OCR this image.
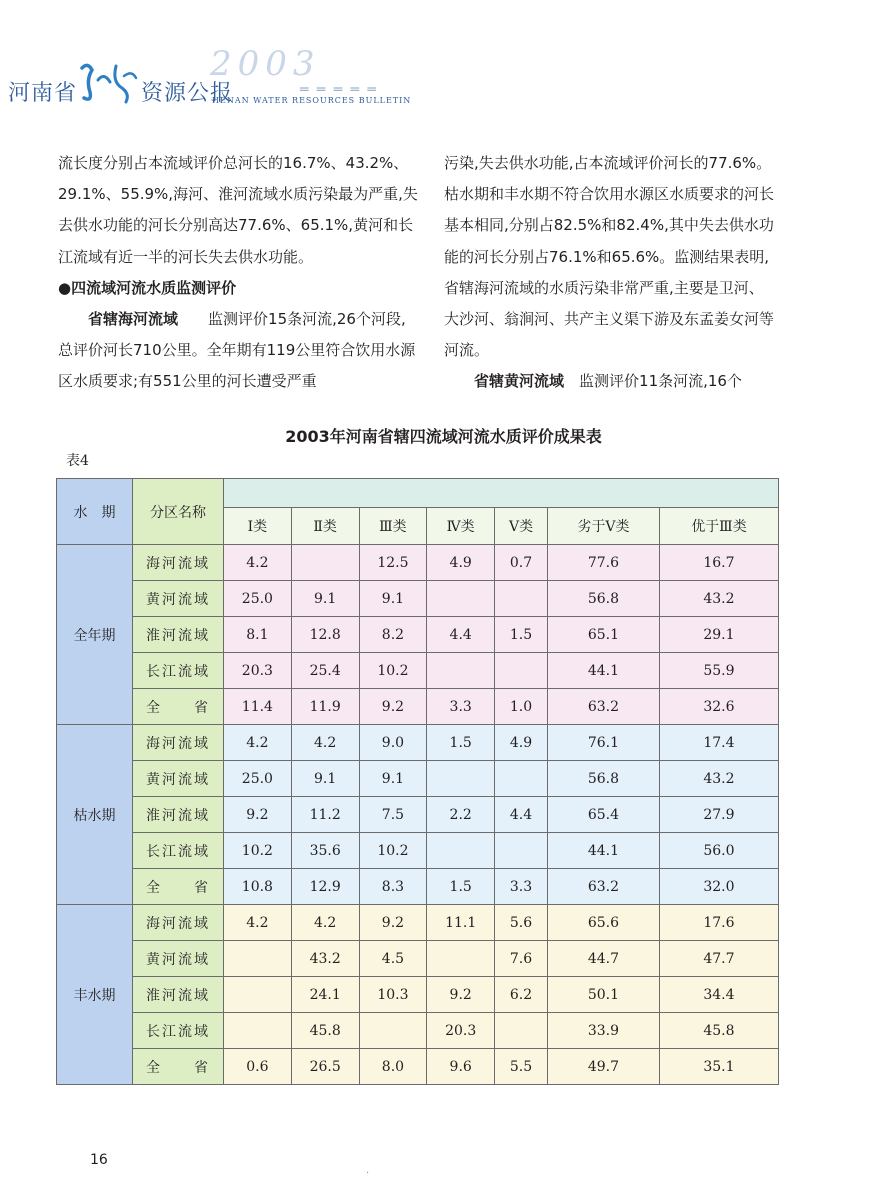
2003
河南省	资源公报	═ ═ ═ ═ ═
HENAN WATER RESOURCES BULLETIN

流长度分别占本流域评价总河长的16.7%、43.2%、29.1%、55.9%,海河、淮河流域水质污染最为严重,失去供水功能的河长分别高达77.6%、65.1%,黄河和长江流域有近一半的河长失去供水功能。

●四流域河流水质监测评价

省辖海河流域　　 监测评价15条河流,26个河段,总评价河长710公里。全年期有119公里符合饮用水源区水质要求;有551公里的河长遭受严重

污染,失去供水功能,占本流域评价河长的77.6%。枯水期和丰水期不符合饮用水源区水质要求的河长基本相同,分别占82.5%和82.4%,其中失去供水功能的河长分别占76.1%和65.6%。监测结果表明,省辖海河流域的水质污染非常严重,主要是卫河、大沙河、翁涧河、共产主义渠下游及东孟姜女河等河流。

省辖黄河流域　 监测评价11条河流,16个

2003年河南省辖四流域河流水质评价成果表
表4
水　期	分区名称							
		Ⅰ类	Ⅱ类	Ⅲ类	Ⅳ类	Ⅴ类	劣于Ⅴ类	优于Ⅲ类
全年期	海河流域	4.2		12.5	4.9	0.7	77.6	16.7
	黄河流域	25.0	9.1	9.1			56.8	43.2
	淮河流域	8.1	12.8	8.2	4.4	1.5	65.1	29.1
	长江流域	20.3	25.4	10.2			44.1	55.9
	全　　省	11.4	11.9	9.2	3.3	1.0	63.2	32.6
枯水期	海河流域	4.2	4.2	9.0	1.5	4.9	76.1	17.4
	黄河流域	25.0	9.1	9.1			56.8	43.2
	淮河流域	9.2	11.2	7.5	2.2	4.4	65.4	27.9
	长江流域	10.2	35.6	10.2			44.1	56.0
	全　　省	10.8	12.9	8.3	1.5	3.3	63.2	32.0
丰水期	海河流域	4.2	4.2	9.2	11.1	5.6	65.6	17.6
	黄河流域		43.2	4.5		7.6	44.7	47.7
	淮河流域		24.1	10.3	9.2	6.2	50.1	34.4
	长江流域		45.8		20.3		33.9	45.8
	全　　省	0.6	26.5	8.0	9.6	5.5	49.7	35.1
16
·
